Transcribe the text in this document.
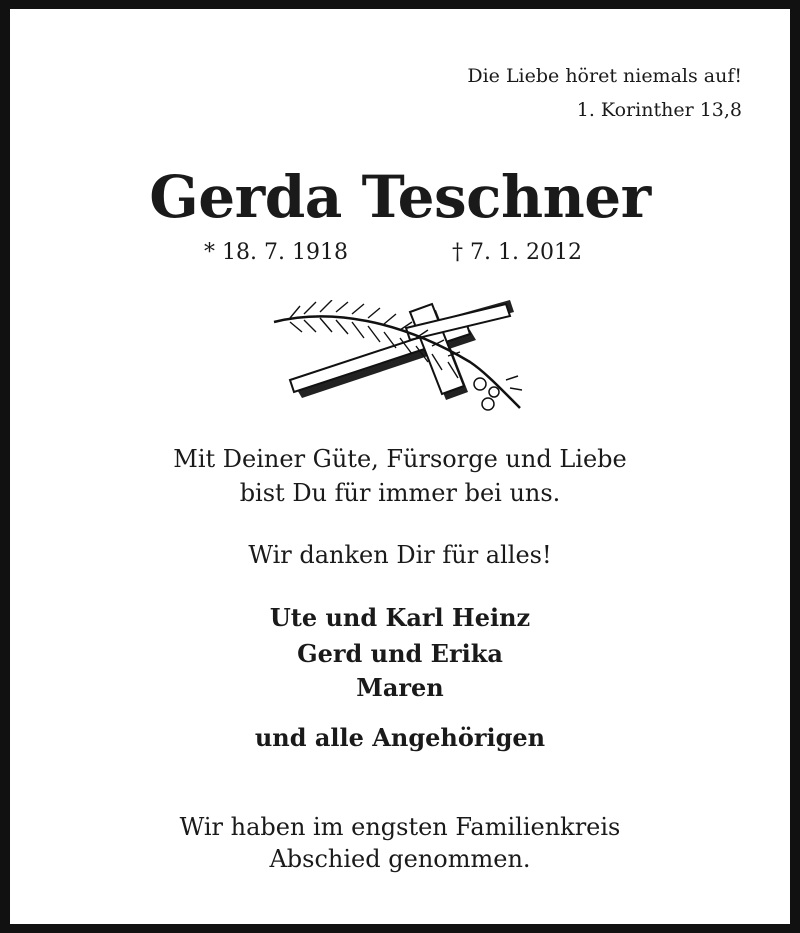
Die Liebe höret niemals auf!
1. Korinther 13,8
Gerda Teschner
* 18. 7. 1918	† 7. 1. 2012
Mit Deiner Güte, Fürsorge und Liebe
bist Du für immer bei uns.
Wir danken Dir für alles!
Ute und Karl Heinz
Gerd und Erika
Maren
und alle Angehörigen
Wir haben im engsten Familienkreis
Abschied genommen.
